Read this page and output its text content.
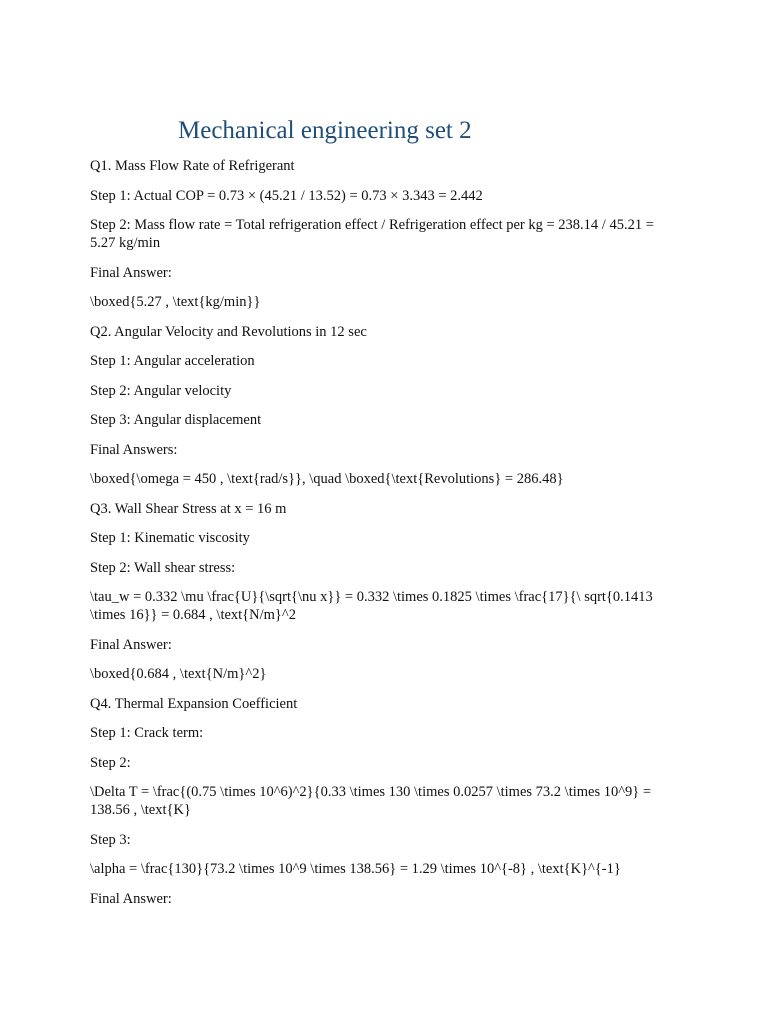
Mechanical engineering set 2

Q1. Mass Flow Rate of Refrigerant

Step 1: Actual COP = 0.73 × (45.21 / 13.52) = 0.73 × 3.343 = 2.442

Step 2: Mass flow rate = Total refrigeration effect / Refrigeration effect per kg = 238.14 / 45.21 = 5.27 kg/min

Final Answer:

\boxed{5.27 , \text{kg/min}}

Q2. Angular Velocity and Revolutions in 12 sec

Step 1: Angular acceleration

Step 2: Angular velocity

Step 3: Angular displacement

Final Answers:

\boxed{\omega = 450 , \text{rad/s}}, \quad \boxed{\text{Revolutions} = 286.48}

Q3. Wall Shear Stress at x = 16 m

Step 1: Kinematic viscosity

Step 2: Wall shear stress:

\tau_w = 0.332 \mu \frac{U}{\sqrt{\nu x}} = 0.332 \times 0.1825 \times \frac{17}{\ sqrt{0.1413 \times 16}} = 0.684 , \text{N/m}^2

Final Answer:

\boxed{0.684 , \text{N/m}^2}

Q4. Thermal Expansion Coefficient

Step 1: Crack term:

Step 2:

\Delta T = \frac{(0.75 \times 10^6)^2}{0.33 \times 130 \times 0.0257 \times 73.2 \times 10^9} = 138.56 , \text{K}

Step 3:

\alpha = \frac{130}{73.2 \times 10^9 \times 138.56} = 1.29 \times 10^{-8} , \text{K}^{-1}

Final Answer:
